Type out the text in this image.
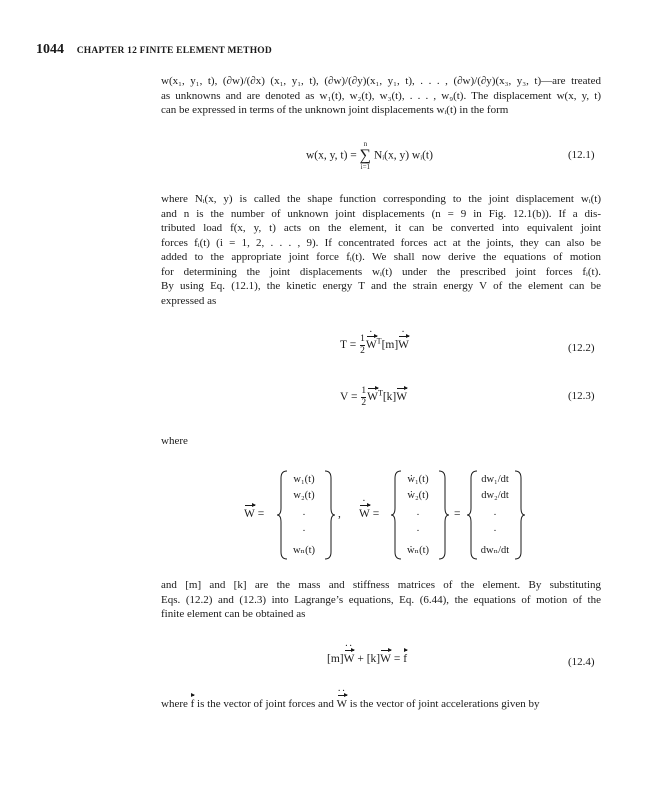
1044 CHAPTER 12 FINITE ELEMENT METHOD
w(x₁, y₁, t), (∂w)/(∂x) (x₁, y₁, t), (∂w)/(∂y)(x₁, y₁, t), . . . , (∂w)/(∂y)(x₃, y₃, t)—are treated
as unknowns and are denoted as w₁(t), w₂(t), w₃(t), . . . , w₉(t). The displacement w(x, y, t)
can be expressed in terms of the unknown joint displacements wᵢ(t) in the form
w(x, y, t) =
n
∑
i=1
Nᵢ(x, y) wᵢ(t)	(12.1)
where Nᵢ(x, y) is called the shape function corresponding to the joint displacement wᵢ(t)
and n is the number of unknown joint displacements (n = 9 in Fig. 12.1(b)). If a dis-
tributed load f(x, y, t) acts on the element, it can be converted into equivalent joint
forces fᵢ(t) (i = 1, 2, . . . , 9). If concentrated forces act at the joints, they can also be
added to the appropriate joint force fᵢ(t). We shall now derive the equations of motion
for determining the joint displacements wᵢ(t) under the prescribed joint forces fᵢ(t).
By using Eq. (12.1), the kinetic energy T and the strain energy V of the element can be
expressed as
$T = \frac{1}{2}$
·
$W^T[m]$
·
W	(12.2)
$V = \frac{1}{2} W^T[k]W$	(12.3)
where
W =
w₁(t)
w₂(t)
·
·
wₙ(t)
,
·
W =
ẇ₁(t)
ẇ₂(t)
·
·
ẇₙ(t)
=
dw₁/dt
dw₂/dt
·
·
dwₙ/dt
and [m] and [k] are the mass and stiffness matrices of the element. By substituting
Eqs. (12.2) and (12.3) into Lagrange’s equations, Eq. (6.44), the equations of motion of the
finite element can be obtained as
[m]
··
W + [k]W = f	(12.4)
where f is the vector of joint forces and
··
W is the vector of joint accelerations given by
